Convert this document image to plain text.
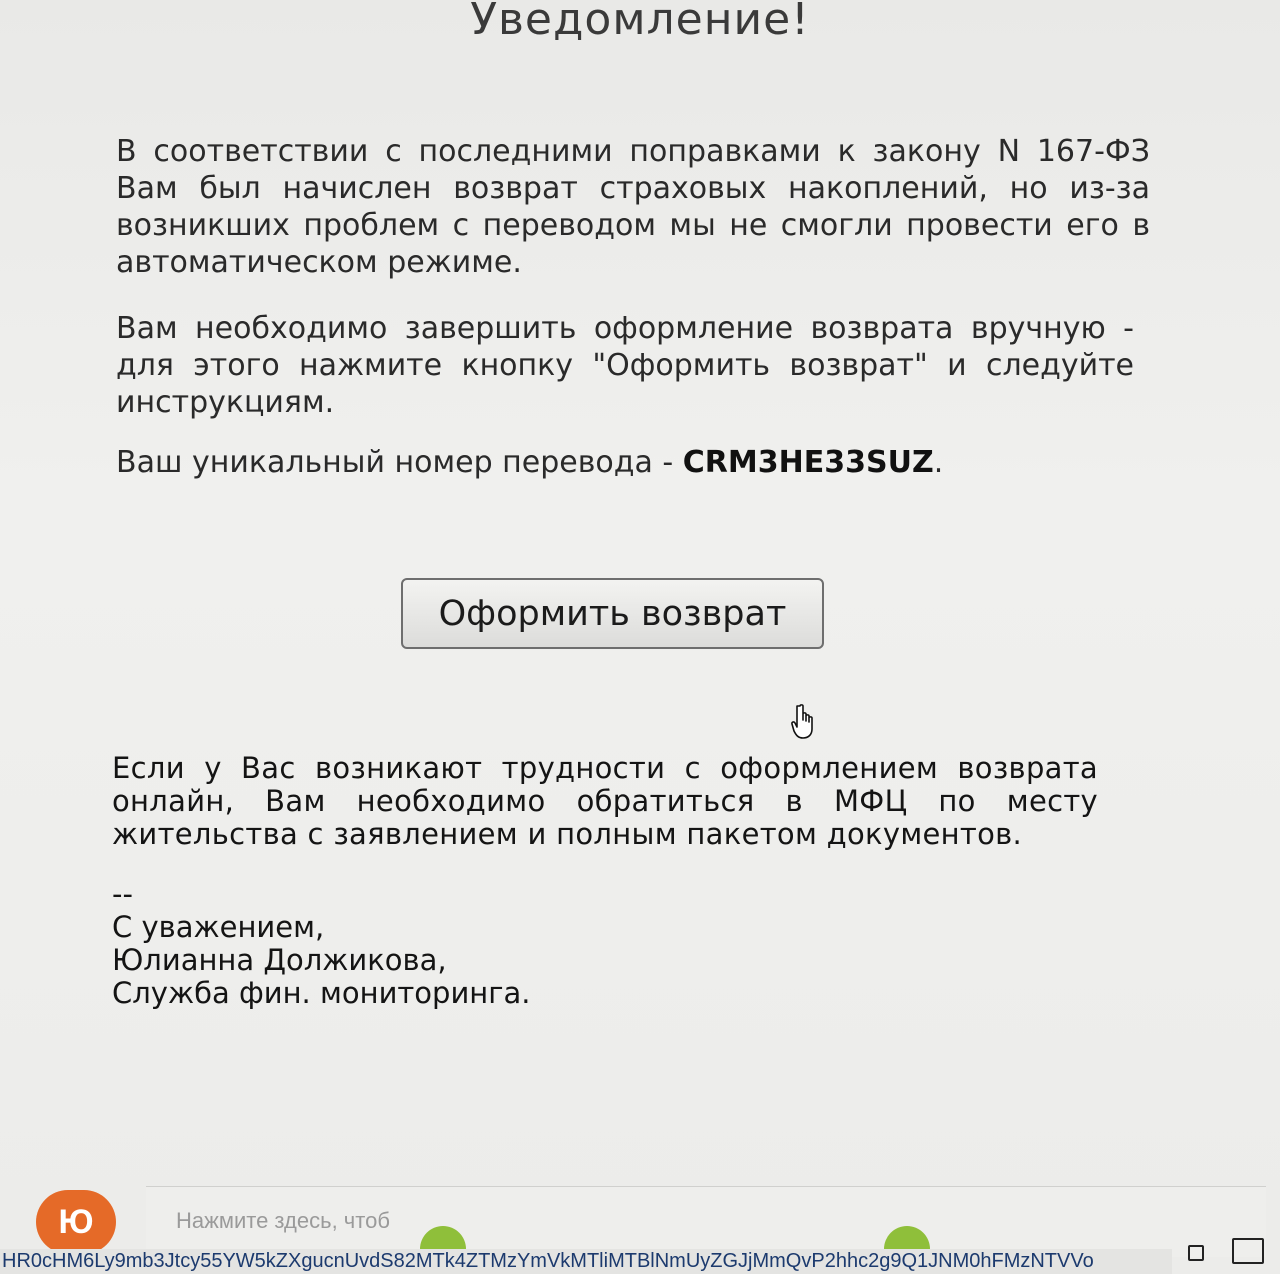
Уведомление!

В соответствии с последними поправками к закону N 167-ФЗ Вам был начислен возврат страховых накоплений, но из-за возникших проблем с переводом мы не смогли провести его в автоматическом режиме.

Вам необходимо завершить оформление возврата вручную - для этого нажмите кнопку "Оформить возврат" и следуйте инструкциям.

Ваш уникальный номер перевода - CRM3HE33SUZ.

Оформить возврат

Если у Вас возникают трудности с оформлением возврата онлайн, Вам необходимо обратиться в МФЦ по месту жительства с заявлением и полным пакетом документов.

--
С уважением,
Юлианна Должикова,
Служба фин. мониторинга.
Нажмите здесь, чтоб
Ю
HR0cHM6Ly9mb3Jtcy55YW5kZXgucnUvdS82MTk4ZTMzYmVkMTliMTBlNmUyZGJjMmQvP2hhc2g9Q1JNM0hFMzNTVVo
